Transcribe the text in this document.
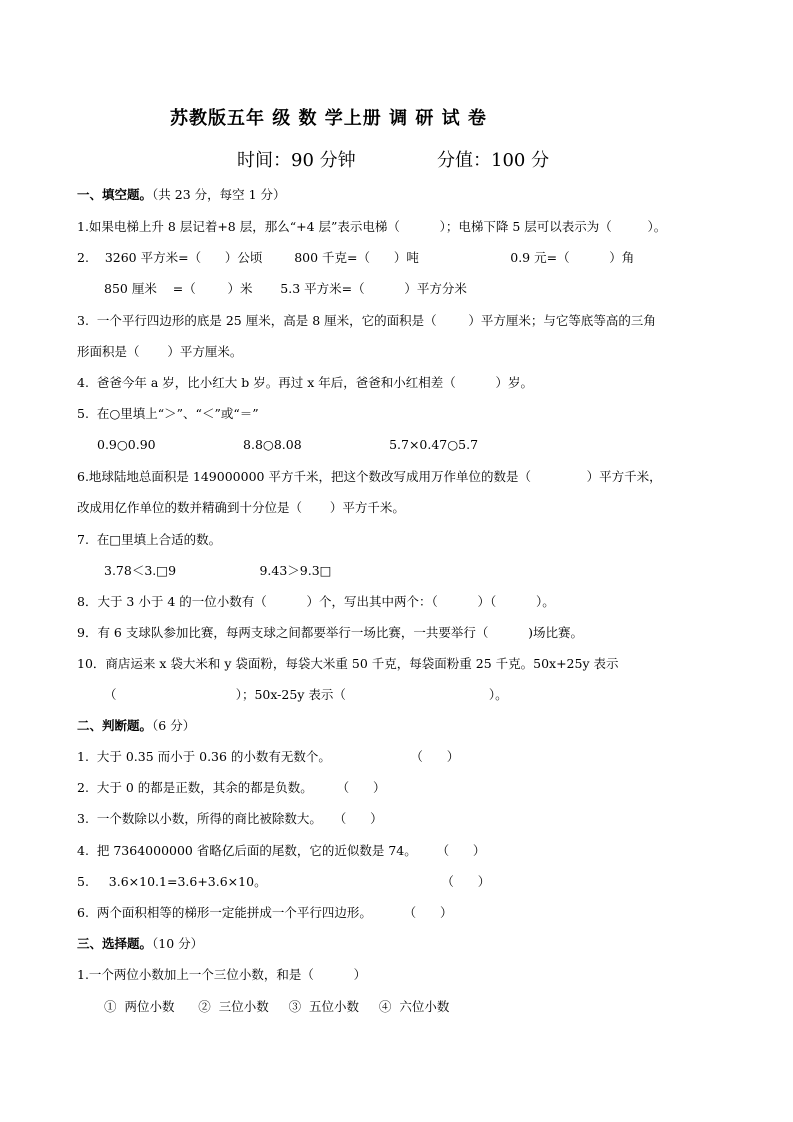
苏教版五年 级 数 学上册 调 研 试 卷
时间：90 分钟	分值：100 分
一、填空题。（共 23 分，每空 1 分）
1.如果电梯上升 8 层记着+8 层，那么“+4 层”表示电梯（          ）；电梯下降 5 层可以表示为（         ）。
2.    3260 平方米=（      ）公顷        800 千克=（      ）吨                       0.9 元=（          ）角
850 厘米    =（        ）米       5.3 平方米=（          ）平方分米
3.  一个平行四边形的底是 25 厘米，高是 8 厘米，它的面积是（        ）平方厘米；与它等底等高的三角
形面积是（       ）平方厘米。
4.  爸爸今年 a 岁，比小红大 b 岁。再过 x 年后，爸爸和小红相差（          ）岁。
5.  在○里填上“＞”、“＜”或“＝”
0.9○0.90                      8.8○8.08                      5.7×0.47○5.7
6.地球陆地总面积是 149000000 平方千米，把这个数改写成用万作单位的数是（              ）平方千米，
改成用亿作单位的数并精确到十分位是（       ）平方千米。
7.  在□里填上合适的数。
3.78＜3.□9                     9.43＞9.3□
8．大于 3 小于 4 的一位小数有（          ）个，写出其中两个：（          ）（          ）。
9．有 6 支球队参加比赛，每两支球之间都要举行一场比赛，一共要举行（          )场比赛。
10．商店运来 x 袋大米和 y 袋面粉，每袋大米重 50 千克，每袋面粉重 25 千克。50x+25y 表示
（                              ）；50x-25y 表示（                                    ）。
二、判断题。（6 分）
1.  大于 0.35 而小于 0.36 的小数有无数个。                    （      ）
2.  大于 0 的都是正数，其余的都是负数。      （      ）
3.  一个数除以小数，所得的商比被除数大。   （      ）
4.  把 7364000000 省略亿后面的尾数，它的近似数是 74。     （      ）
5.     3.6×10.1=3.6+3.6×10。                                            （      ）
6.  两个面积相等的梯形一定能拼成一个平行四边形。        （      ）
三、选择题。（10 分）
1.一个两位小数加上一个三位小数，和是（          ）
①  两位小数      ②  三位小数     ③  五位小数     ④  六位小数
